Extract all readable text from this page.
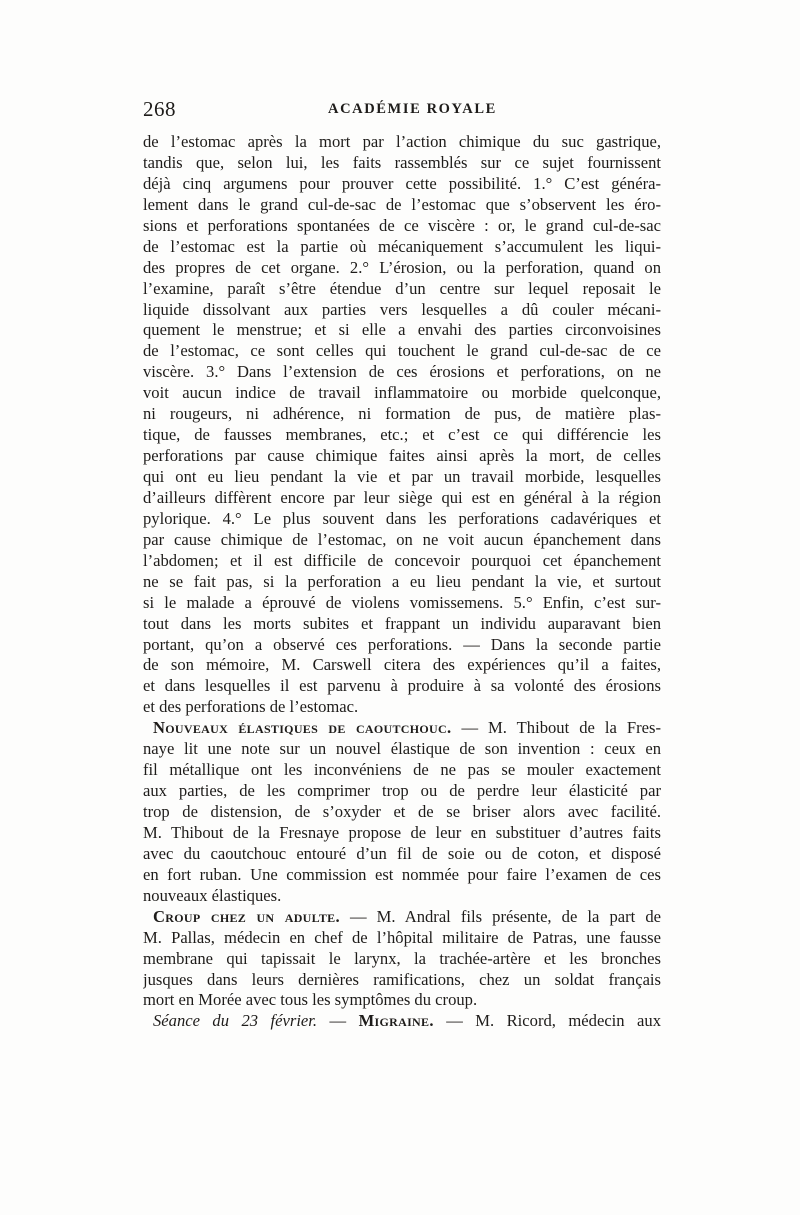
268	ACADÉMIE ROYALE
de l’estomac après la mort par l’action chimique du suc gastrique,
tandis que, selon lui, les faits rassemblés sur ce sujet fournissent
déjà cinq argumens pour prouver cette possibilité. 1.° C’est généra-
lement dans le grand cul-de-sac de l’estomac que s’observent les éro-
sions et perforations spontanées de ce viscère : or, le grand cul-de-sac
de l’estomac est la partie où mécaniquement s’accumulent les liqui-
des propres de cet organe. 2.° L’érosion, ou la perforation, quand on
l’examine, paraît s’être étendue d’un centre sur lequel reposait le
liquide dissolvant aux parties vers lesquelles a dû couler mécani-
quement le menstrue; et si elle a envahi des parties circonvoisines
de l’estomac, ce sont celles qui touchent le grand cul-de-sac de ce
viscère. 3.° Dans l’extension de ces érosions et perforations, on ne
voit aucun indice de travail inflammatoire ou morbide quelconque,
ni rougeurs, ni adhérence, ni formation de pus, de matière plas-
tique, de fausses membranes, etc.; et c’est ce qui différencie les
perforations par cause chimique faites ainsi après la mort, de celles
qui ont eu lieu pendant la vie et par un travail morbide, lesquelles
d’ailleurs diffèrent encore par leur siège qui est en général à la région
pylorique. 4.° Le plus souvent dans les perforations cadavériques et
par cause chimique de l’estomac, on ne voit aucun épanchement dans
l’abdomen; et il est difficile de concevoir pourquoi cet épanchement
ne se fait pas, si la perforation a eu lieu pendant la vie, et surtout
si le malade a éprouvé de violens vomissemens. 5.° Enfin, c’est sur-
tout dans les morts subites et frappant un individu auparavant bien
portant, qu’on a observé ces perforations. — Dans la seconde partie
de son mémoire, M. Carswell citera des expériences qu’il a faites,
et dans lesquelles il est parvenu à produire à sa volonté des érosions
et des perforations de l’estomac.
Nouveaux élastiques de caoutchouc. — M. Thibout de la Fres-
naye lit une note sur un nouvel élastique de son invention : ceux en
fil métallique ont les inconvéniens de ne pas se mouler exactement
aux parties, de les comprimer trop ou de perdre leur élasticité par
trop de distension, de s’oxyder et de se briser alors avec facilité.
M. Thibout de la Fresnaye propose de leur en substituer d’autres faits
avec du caoutchouc entouré d’un fil de soie ou de coton, et disposé
en fort ruban. Une commission est nommée pour faire l’examen de ces
nouveaux élastiques.
Croup chez un adulte. — M. Andral fils présente, de la part de
M. Pallas, médecin en chef de l’hôpital militaire de Patras, une fausse
membrane qui tapissait le larynx, la trachée-artère et les bronches
jusques dans leurs dernières ramifications, chez un soldat français
mort en Morée avec tous les symptômes du croup.
Séance du 23 février. — Migraine. — M. Ricord, médecin aux
